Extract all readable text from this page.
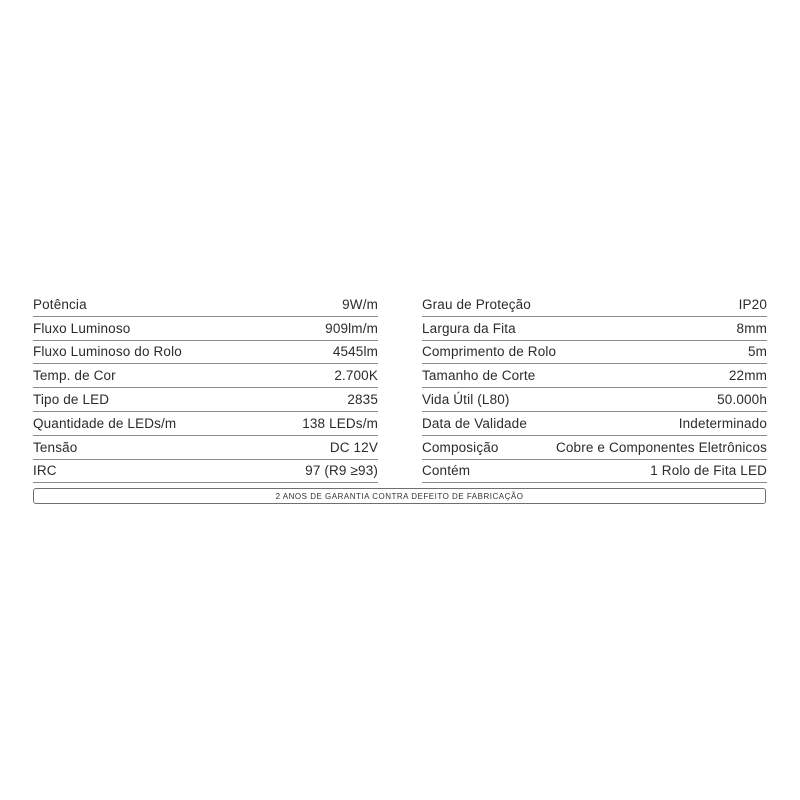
Potência	9W/m
Fluxo Luminoso	909lm/m
Fluxo Luminoso do Rolo	4545lm
Temp. de Cor	2.700K
Tipo de LED	2835
Quantidade de LEDs/m	138 LEDs/m
Tensão	DC 12V
IRC	97 (R9 ≥93)
Grau de Proteção	IP20
Largura da Fita	8mm
Comprimento de Rolo	5m
Tamanho de Corte	22mm
Vida Útil (L80)	50.000h
Data de Validade	Indeterminado
Composição	Cobre e Componentes Eletrônicos
Contém	1 Rolo de Fita LED
2 ANOS DE GARANTIA CONTRA DEFEITO DE FABRICAÇÃO
